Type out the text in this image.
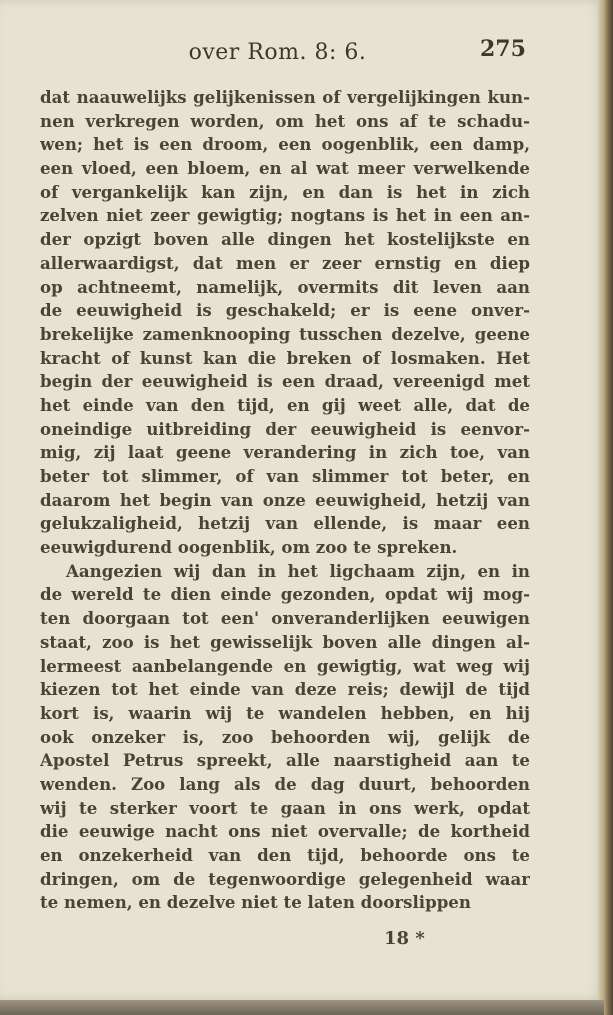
over Rom. 8: 6.	275
dat naauwelijks gelijkenissen of vergelijkingen kun-
nen verkregen worden, om het ons af te schadu-
wen; het is een droom, een oogenblik, een damp,
een vloed, een bloem, en al wat meer verwelkende
of vergankelijk kan zijn, en dan is het in zich
zelven niet zeer gewigtig; nogtans is het in een an-
der opzigt boven alle dingen het kostelijkste en
allerwaardigst, dat men er zeer ernstig en diep
op achtneemt, namelijk, overmits dit leven aan
de eeuwigheid is geschakeld; er is eene onver-
brekelijke zamenknooping tusschen dezelve, geene
kracht of kunst kan die breken of losmaken. Het
begin der eeuwigheid is een draad, vereenigd met
het einde van den tijd, en gij weet alle, dat de
oneindige uitbreiding der eeuwigheid is eenvor-
mig, zij laat geene verandering in zich toe, van
beter tot slimmer, of van slimmer tot beter, en
daarom het begin van onze eeuwigheid, hetzij van
gelukzaligheid, hetzij van ellende, is maar een
eeuwigdurend oogenblik, om zoo te spreken.
Aangezien wij dan in het ligchaam zijn, en in
de wereld te dien einde gezonden, opdat wij mog-
ten doorgaan tot een' onveranderlijken eeuwigen
staat, zoo is het gewisselijk boven alle dingen al-
lermeest aanbelangende en gewigtig, wat weg wij
kiezen tot het einde van deze reis; dewijl de tijd
kort is, waarin wij te wandelen hebben, en hij
ook onzeker is, zoo behoorden wij, gelijk de
Apostel Petrus spreekt, alle naarstigheid aan te
wenden. Zoo lang als de dag duurt, behoorden
wij te sterker voort te gaan in ons werk, opdat
die eeuwige nacht ons niet overvalle; de kortheid
en onzekerheid van den tijd, behoorde ons te
dringen, om de tegenwoordige gelegenheid waar
te nemen, en dezelve niet te laten doorslippen
18 *
